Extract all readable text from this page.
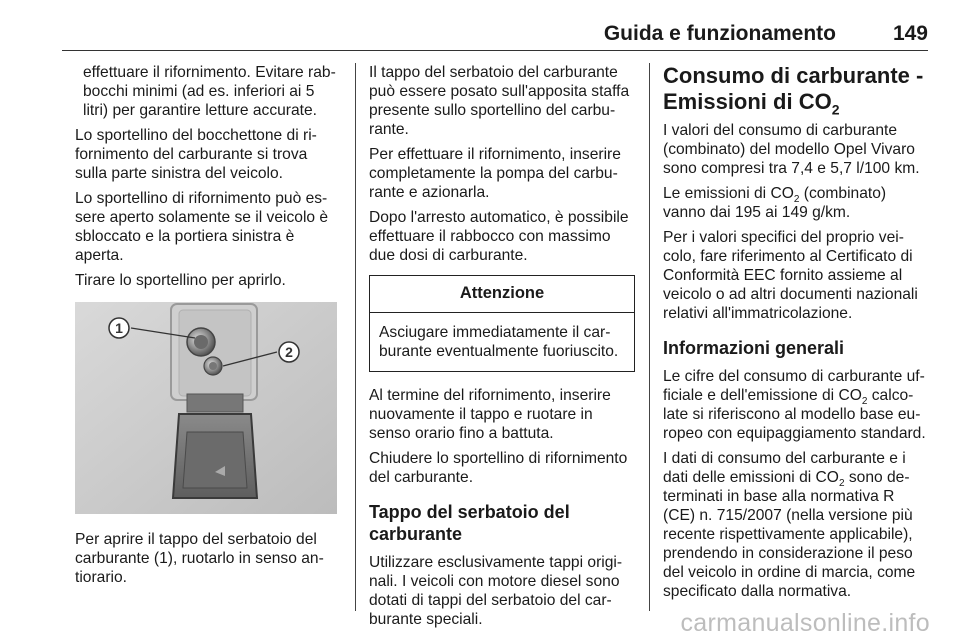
Guida e funzionamento	149

effettuare il rifornimento. Evitare rabbocchi minimi (ad es. inferiori ai 5 litri) per garantire letture accurate.

Lo sportellino del bocchettone di rifornimento del carburante si trova sulla parte sinistra del veicolo.

Lo sportellino di rifornimento può essere aperto solamente se il veicolo è sbloccato e la portiera sinistra è aperta.

Tirare lo sportellino per aprirlo.

1
2

Per aprire il tappo del serbatoio del carburante (1), ruotarlo in senso antiorario.

Il tappo del serbatoio del carburante può essere posato sull'apposita staffa presente sullo sportellino del carburante.

Per effettuare il rifornimento, inserire completamente la pompa del carburante e azionarla.

Dopo l'arresto automatico, è possibile effettuare il rabbocco con massimo due dosi di carburante.

Attenzione
Asciugare immediatamente il carburante eventualmente fuoriuscito.

Al termine del rifornimento, inserire nuovamente il tappo e ruotare in senso orario fino a battuta.

Chiudere lo sportellino di rifornimento del carburante.

Tappo del serbatoio del carburante

Utilizzare esclusivamente tappi originali. I veicoli con motore diesel sono dotati di tappi del serbatoio del carburante speciali.

Consumo di carburante - Emissioni di $CO_2$

I valori del consumo di carburante (combinato) del modello Opel Vivaro sono compresi tra 7,4 e 5,7 l/100 km.

Le emissioni di $CO_2$ (combinato) vanno dai 195 ai 149 g/km.

Per i valori specifici del proprio veicolo, fare riferimento al Certificato di Conformità EEC fornito assieme al veicolo o ad altri documenti nazionali relativi all'immatricolazione.

Informazioni generali

Le cifre del consumo di carburante ufficiale e dell'emissione di $CO_2$ calcolate si riferiscono al modello base europeo con equipaggiamento standard.

I dati di consumo del carburante e i dati delle emissioni di $CO_2$ sono determinati in base alla normativa R (CE) n. 715/2007 (nella versione più recente rispettivamente applicabile), prendendo in considerazione il peso del veicolo in ordine di marcia, come specificato dalla normativa.

carmanualsonline.info
